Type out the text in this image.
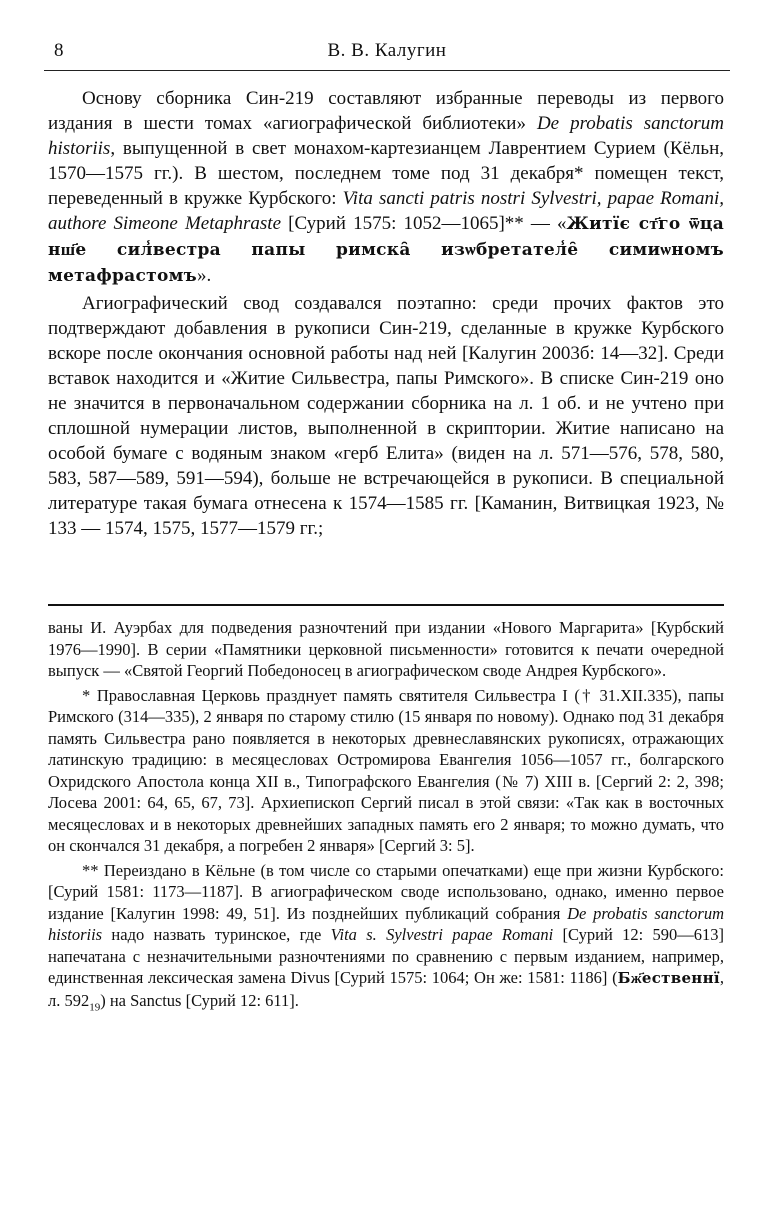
8	В. В. Калугин

Основу сборника Син-219 составляют избранные переводы из первого издания в шести томах «агиографической библиотеки» De probatis sanctorum historiis, выпущенной в свет монахом-картезианцем Лаврентием Сурием (Кёльн, 1570—1575 гг.). В шестом, последнем томе под 31 декабря* помещен текст, переведенный в кружке Курбского: Vita sancti patris nostri Sylvestri, papae Romani, authore Simeone Metaphraste [Сурий 1575: 1052—1065]** — «Житїє ст҃го ѿца нш҃е сил̾вестра папы римска̑ изѡбретател̾е̑ симиѡномъ метафрастомъ».

Агиографический свод создавался поэтапно: среди прочих фактов это подтверждают добавления в рукописи Син-219, сделанные в кружке Курбского вскоре после окончания основной работы над ней [Калугин 2003б: 14—32]. Среди вставок находится и «Житие Сильвестра, папы Римского». В списке Син-219 оно не значится в первоначальном содержании сборника на л. 1 об. и не учтено при сплошной нумерации листов, выполненной в скриптории. Житие написано на особой бумаге с водяным знаком «герб Елита» (виден на л. 571—576, 578, 580, 583, 587—589, 591—594), больше не встречающейся в рукописи. В специальной литературе такая бумага отнесена к 1574—1585 гг. [Каманин, Витвицкая 1923, № 133 — 1574, 1575, 1577—1579 гг.;

ваны И. Ауэрбах для подведения разночтений при издании «Нового Маргарита» [Курбский 1976—1990]. В серии «Памятники церковной письменности» готовится к печати очередной выпуск — «Святой Георгий Победоносец в агиографическом своде Андрея Курбского».

* Православная Церковь празднует память святителя Сильвестра I († 31.XII.335), папы Римского (314—335), 2 января по старому стилю (15 января по новому). Однако под 31 декабря память Сильвестра рано появляется в некоторых древнеславянских рукописях, отражающих латинскую традицию: в месяцесловах Остромирова Евангелия 1056—1057 гг., болгарского Охридского Апостола конца XII в., Типографского Евангелия (№ 7) XIII в. [Сергий 2: 2, 398; Лосева 2001: 64, 65, 67, 73]. Архиепископ Сергий писал в этой связи: «Так как в восточных месяцесловах и в некоторых древнейших западных память его 2 января; то можно думать, что он скончался 31 декабря, а погребен 2 января» [Сергий 3: 5].

** Переиздано в Кёльне (в том числе со старыми опечатками) еще при жизни Курбского: [Сурий 1581: 1173—1187]. В агиографическом своде использовано, однако, именно первое издание [Калугин 1998: 49, 51]. Из позднейших публикаций собрания De probatis sanctorum historiis надо назвать туринское, где Vita s. Sylvestri papae Romani [Сурий 12: 590—613] напечатана с незначительными разночтениями по сравнению с первым изданием, например, единственная лексическая замена Divus [Сурий 1575: 1064; Он же: 1581: 1186] (Бж҃ественнı̈, л. $592_{19}$) на Sanctus [Сурий 12: 611].
